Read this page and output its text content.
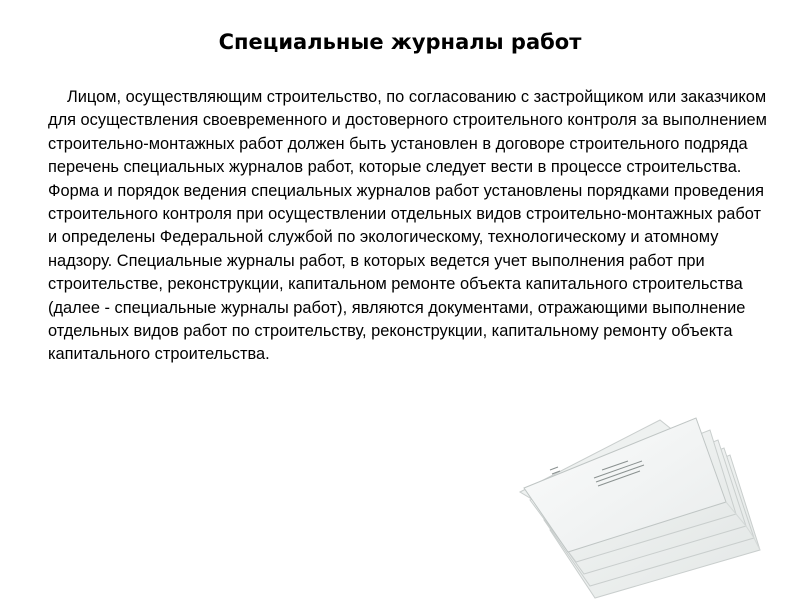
Специальные журналы работ

Лицом, осуществляющим строительство, по согласованию с застройщиком или заказчиком для осуществления своевременного и достоверного строительного контроля за выполнением строительно-монтажных работ должен быть установлен в договоре строительного подряда перечень специальных журналов работ, которые следует вести в процессе строительства. Форма и порядок ведения специальных журналов работ установлены порядками проведения строительного контроля при осуществлении отдельных видов строительно-монтажных работ и определены Федеральной службой по экологическому, технологическому и атомному надзору. Специальные журналы работ, в которых ведется учет выполнения работ при строительстве, реконструкции, капитальном ремонте объекта капитального строительства (далее - специальные журналы работ), являются документами, отражающими выполнение отдельных видов работ по строительству, реконструкции, капитальному ремонту объекта капитального строительства.
